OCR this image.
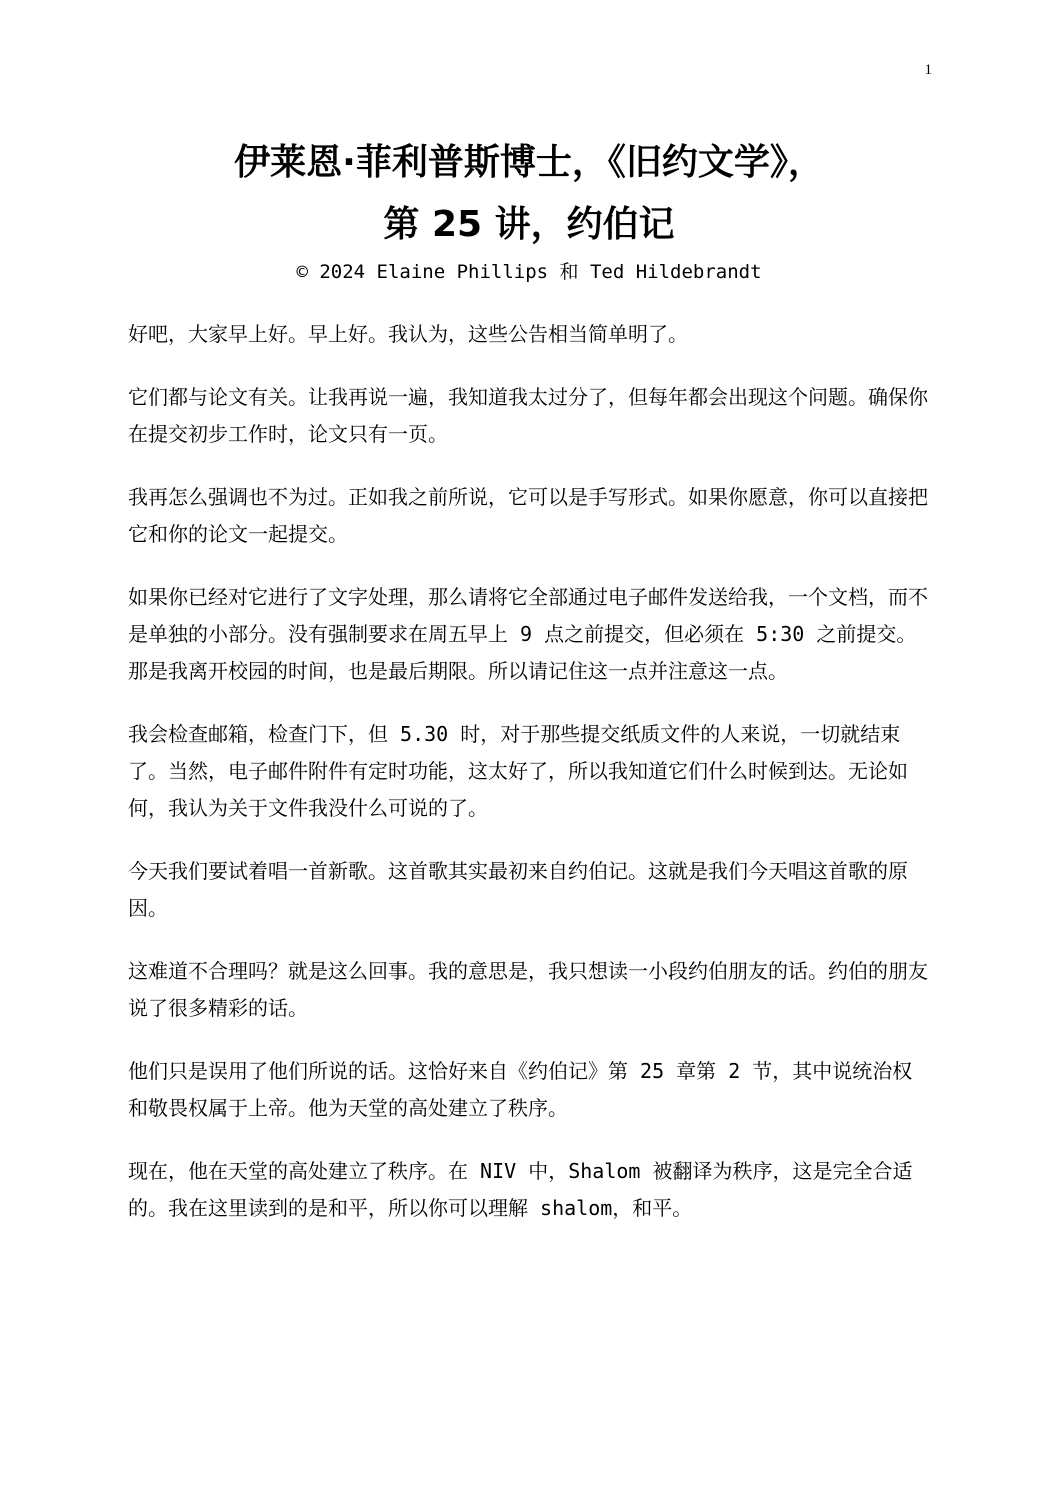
1

伊莱恩·菲利普斯博士，《旧约文学》，

第 25 讲，约伯记

© 2024 Elaine Phillips 和 Ted Hildebrandt

好吧，大家早上好。早上好。我认为，这些公告相当简单明了。

它们都与论文有关。让我再说一遍，我知道我太过分了，但每年都会出现这个问题。确保你在提交初步工作时，论文只有一页。

我再怎么强调也不为过。正如我之前所说，它可以是手写形式。如果你愿意，你可以直接把它和你的论文一起提交。

如果你已经对它进行了文字处理，那么请将它全部通过电子邮件发送给我，一个文档，而不是单独的小部分。没有强制要求在周五早上 9 点之前提交，但必须在 5:30 之前提交。那是我离开校园的时间，也是最后期限。所以请记住这一点并注意这一点。

我会检查邮箱，检查门下，但 5.30 时，对于那些提交纸质文件的人来说，一切就结束了。当然，电子邮件附件有定时功能，这太好了，所以我知道它们什么时候到达。无论如何，我认为关于文件我没什么可说的了。

今天我们要试着唱一首新歌。这首歌其实最初来自约伯记。这就是我们今天唱这首歌的原因。

这难道不合理吗？就是这么回事。我的意思是，我只想读一小段约伯朋友的话。约伯的朋友说了很多精彩的话。

他们只是误用了他们所说的话。这恰好来自《约伯记》第 25 章第 2 节，其中说统治权和敬畏权属于上帝。他为天堂的高处建立了秩序。

现在，他在天堂的高处建立了秩序。在 NIV 中，Shalom 被翻译为秩序，这是完全合适的。我在这里读到的是和平，所以你可以理解 shalom，和平。
